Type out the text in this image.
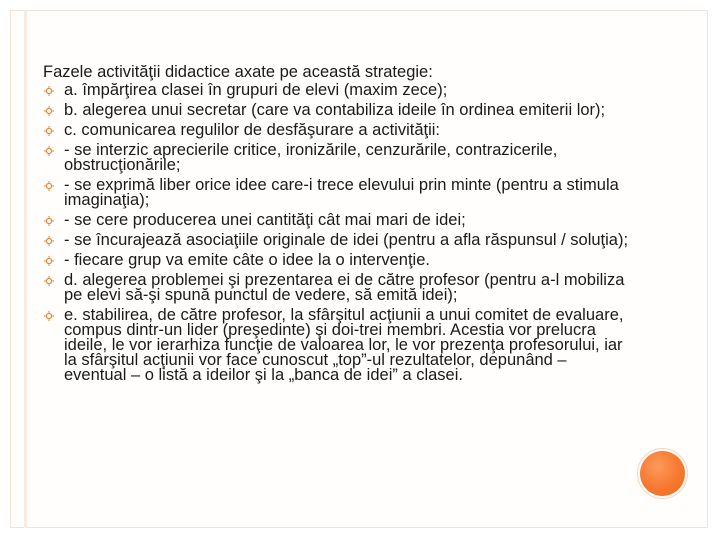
Fazele activităţii didactice axate pe această strategie:

a. împărţirea clasei în grupuri de elevi (maxim zece);
b. alegerea unui secretar (care va contabiliza ideile în ordinea emiterii lor);
c. comunicarea regulilor de desfăşurare a activităţii:
- se interzic aprecierile critice, ironizările, cenzurările, contrazicerile, obstrucţionările;
- se exprimă liber orice idee care-i trece elevului prin minte (pentru a stimula imaginaţia);
- se cere producerea unei cantităţi cât mai mari de idei;
- se încurajează asociaţiile originale de idei (pentru a afla răspunsul / soluţia);
- fiecare grup va emite câte o idee la o intervenţie.
d. alegerea problemei şi prezentarea ei de către profesor (pentru a-l mobiliza pe elevi să-şi spună punctul de vedere, să emită idei);
e. stabilirea, de către profesor, la sfârşitul acţiunii a unui comitet de evaluare, compus dintr-un lider (preşedinte) şi doi-trei membri. Acestia vor prelucra ideile, le vor ierarhiza funcţie de valoarea lor, le vor prezenţa profesorului, iar la sfârşitul acţiunii vor face cunoscut „top”-ul rezultatelor, depunând – eventual – o listă a ideilor şi la „banca de idei” a clasei.
